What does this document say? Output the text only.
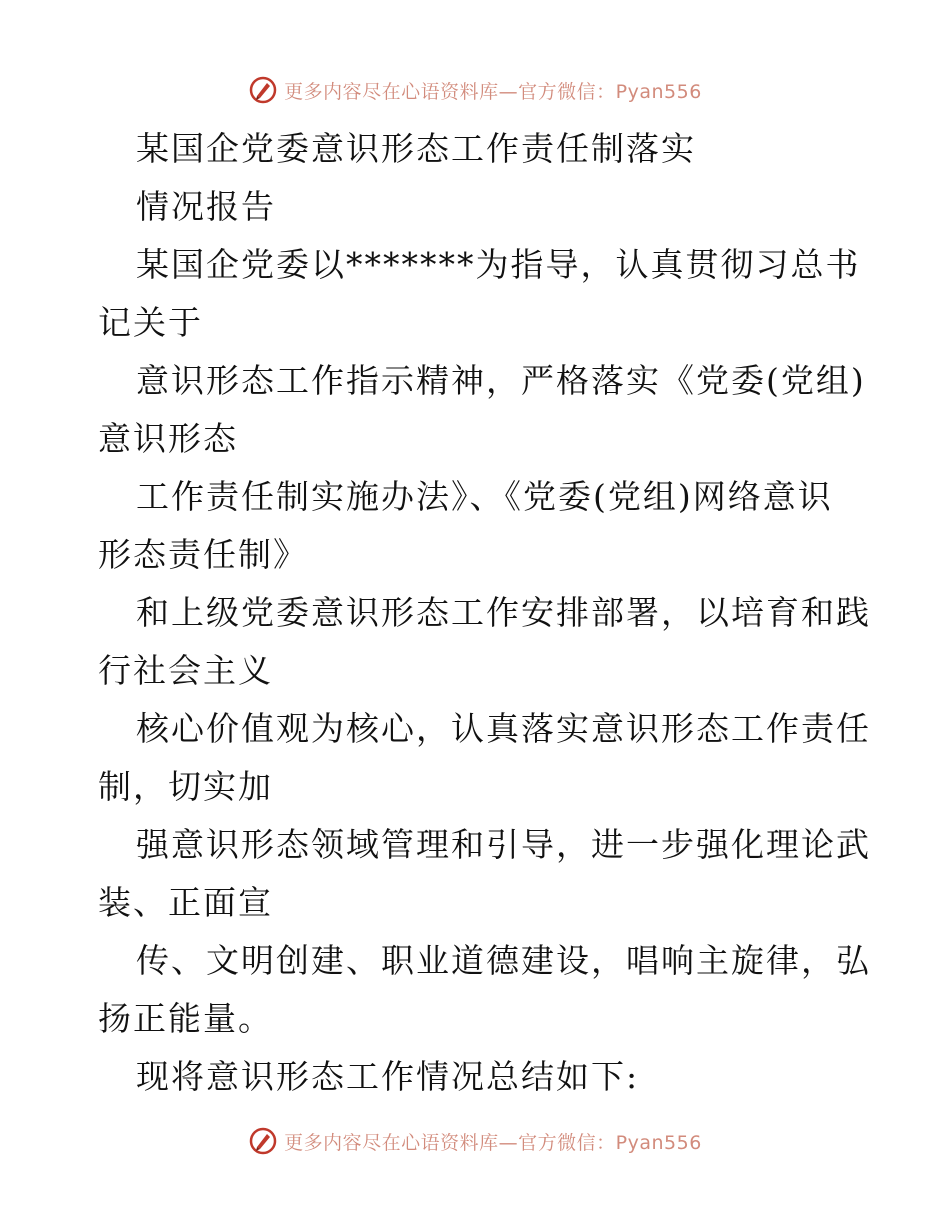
更多内容尽在心语资料库—官方微信：Pyan556
某国企党委意识形态工作责任制落实
情况报告
某国企党委以*******为指导，认真贯彻习总书
记关于
意识形态工作指示精神，严格落实《党委(党组)
意识形态
工作责任制实施办法》、《党委(党组)网络意识
形态责任制》
和上级党委意识形态工作安排部署，以培育和践
行社会主义
核心价值观为核心，认真落实意识形态工作责任
制，切实加
强意识形态领域管理和引导，进一步强化理论武
装、正面宣
传、文明创建、职业道德建设，唱响主旋律，弘
扬正能量。
现将意识形态工作情况总结如下:
更多内容尽在心语资料库—官方微信：Pyan556
